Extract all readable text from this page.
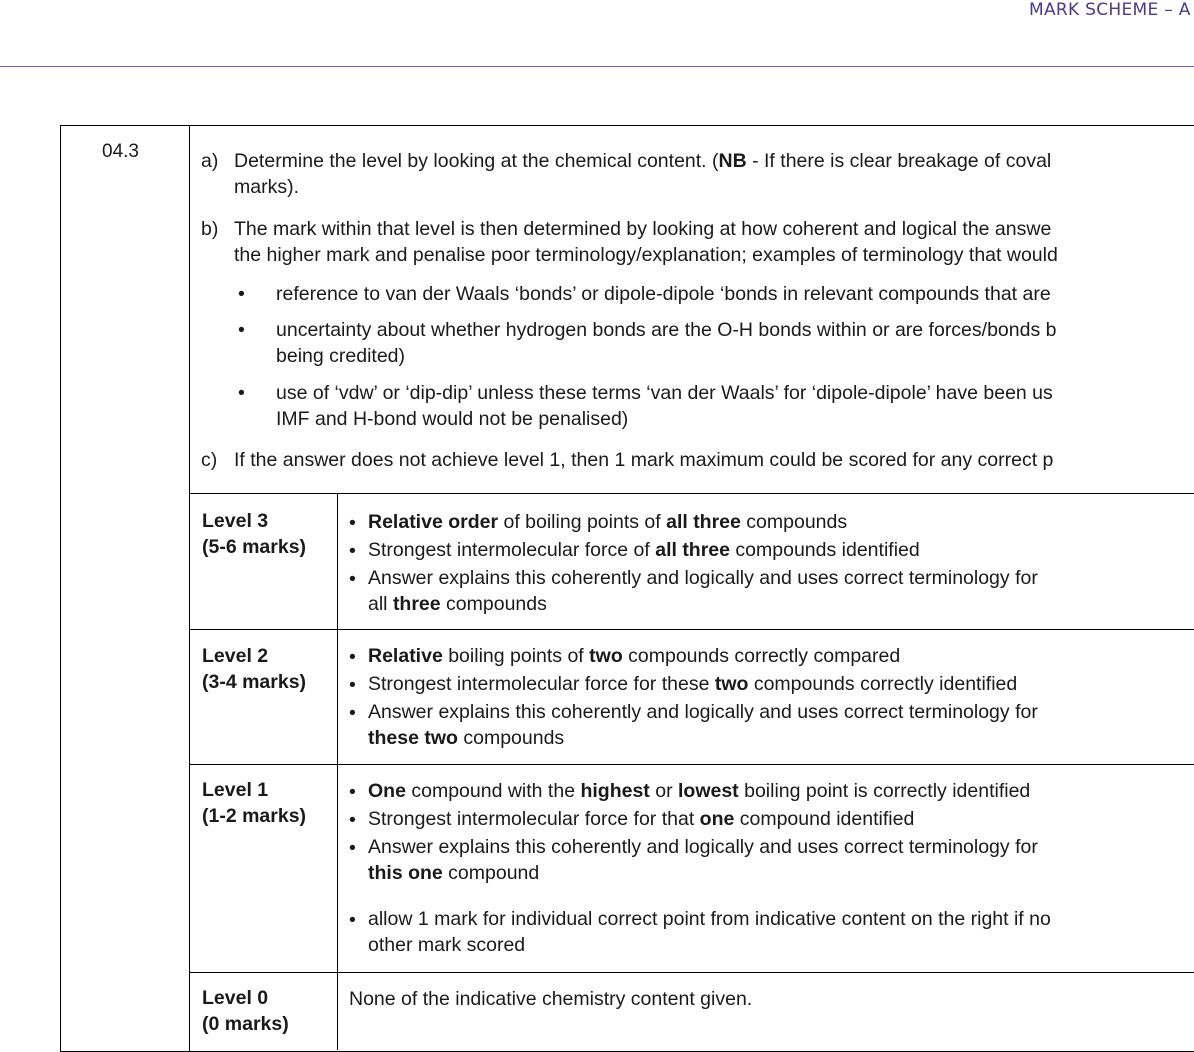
MARK SCHEME – A
04.3	a) Determine the level by looking at the chemical content. (NB - If there is clear breakage of coval
marks).
b) The mark within that level is then determined by looking at how coherent and logical the answe
the higher mark and penalise poor terminology/explanation; examples of terminology that would
• reference to van der Waals ‘bonds’ or dipole-dipole ‘bonds in relevant compounds that are
• uncertainty about whether hydrogen bonds are the O-H bonds within or are forces/bonds b
being credited)
• use of ‘vdw’ or ‘dip-dip’ unless these terms ‘van der Waals’ for ‘dipole-dipole’ have been us
IMF and H-bond would not be penalised)
c) If the answer does not achieve level 1, then 1 mark maximum could be scored for any correct p
Level 3
(5-6 marks)
• Relative order of boiling points of all three compounds
• Strongest intermolecular force of all three compounds identified
• Answer explains this coherently and logically and uses correct terminology for
all three compounds
Level 2
(3-4 marks)
• Relative boiling points of two compounds correctly compared
• Strongest intermolecular force for these two compounds correctly identified
• Answer explains this coherently and logically and uses correct terminology for
these two compounds
Level 1
(1-2 marks)
• One compound with the highest or lowest boiling point is correctly identified
• Strongest intermolecular force for that one compound identified
• Answer explains this coherently and logically and uses correct terminology for
this one compound
• allow 1 mark for individual correct point from indicative content on the right if no
other mark scored
Level 0
(0 marks)
None of the indicative chemistry content given.
